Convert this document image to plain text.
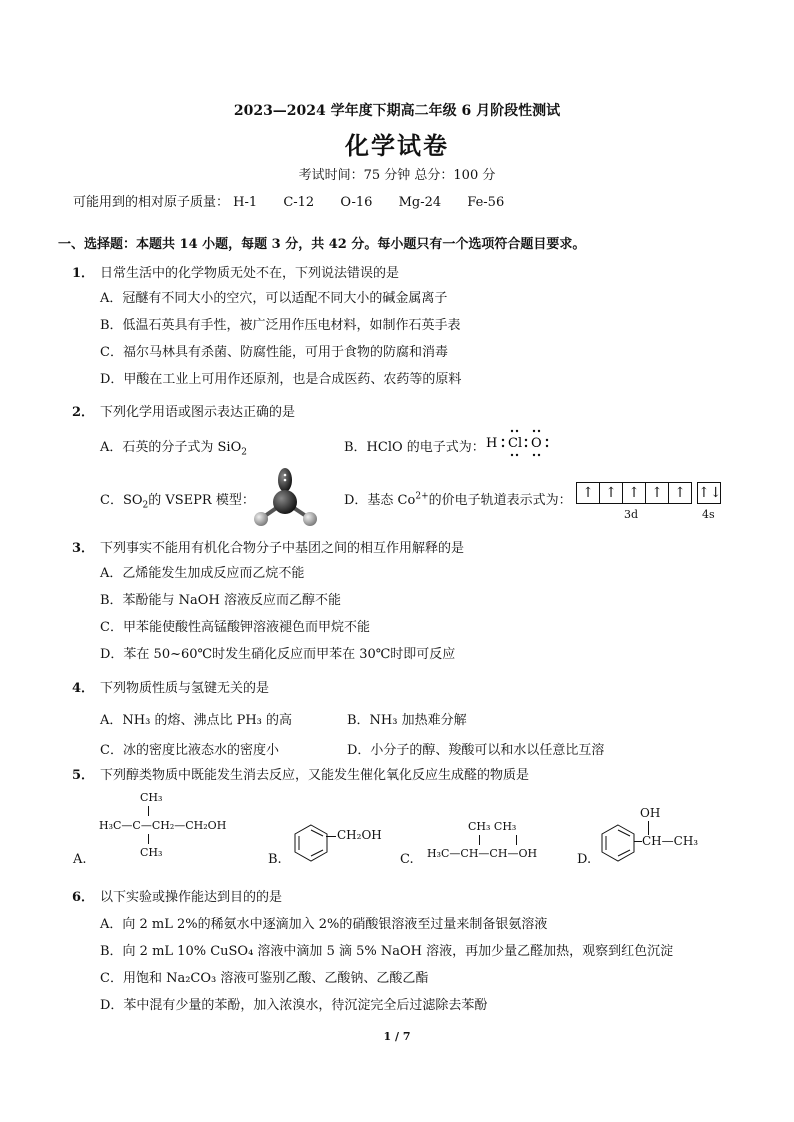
2023—2024 学年度下期高二年级 6 月阶段性测试
化学试卷
考试时间：75 分钟 总分：100 分
可能用到的相对原子质量： H-1 C-12 O-16 Mg-24 Fe-56
一、选择题：本题共 14 小题，每题 3 分，共 42 分。每小题只有一个选项符合题目要求。
1． 日常生活中的化学物质无处不在，下列说法错误的是
A．冠醚有不同大小的空穴，可以适配不同大小的碱金属离子
B．低温石英具有手性，被广泛用作压电材料，如制作石英手表
C．福尔马林具有杀菌、防腐性能，可用于食物的防腐和消毒
D．甲酸在工业上可用作还原剂，也是合成医药、农药等的原料
2． 下列化学用语或图示表达正确的是
A．石英的分子式为 SiO$_2$	B．HClO 的电子式为： H Cl O
C．$SO_2$的 VSEPR 模型：	D．基态 $Co^{2+}$的价电子轨道表示式为： ↑ ↑ ↑ ↑ ↑ ↑↓
3d	4s
3． 下列事实不能用有机化合物分子中基团之间的相互作用解释的是
A．乙烯能发生加成反应而乙烷不能
B．苯酚能与 NaOH 溶液反应而乙醇不能
C．甲苯能使酸性高锰酸钾溶液褪色而甲烷不能
D．苯在 50~60℃时发生硝化反应而甲苯在 30℃时即可反应
4． 下列物质性质与氢键无关的是
A．NH₃ 的熔、沸点比 PH₃ 的高	B．NH₃ 加热难分解
C．冰的密度比液态水的密度小	D．小分子的醇、羧酸可以和水以任意比互溶
5． 下列醇类物质中既能发生消去反应，又能发生催化氧化反应生成醛的物质是
CH₃
H₃C—C—CH₂—CH₂OH
CH₃
A.
CH₂OH
B.
CH₃ CH₃
H₃C—CH—CH—OH
C.
OH
CH—CH₃
D.
6． 以下实验或操作能达到目的的是
A．向 2 mL 2%的稀氨水中逐滴加入 2%的硝酸银溶液至过量来制备银氨溶液
B．向 2 mL 10% CuSO₄ 溶液中滴加 5 滴 5% NaOH 溶液，再加少量乙醛加热，观察到红色沉淀
C．用饱和 Na₂CO₃ 溶液可鉴别乙酸、乙酸钠、乙酸乙酯
D．苯中混有少量的苯酚，加入浓溴水，待沉淀完全后过滤除去苯酚
1 / 7
